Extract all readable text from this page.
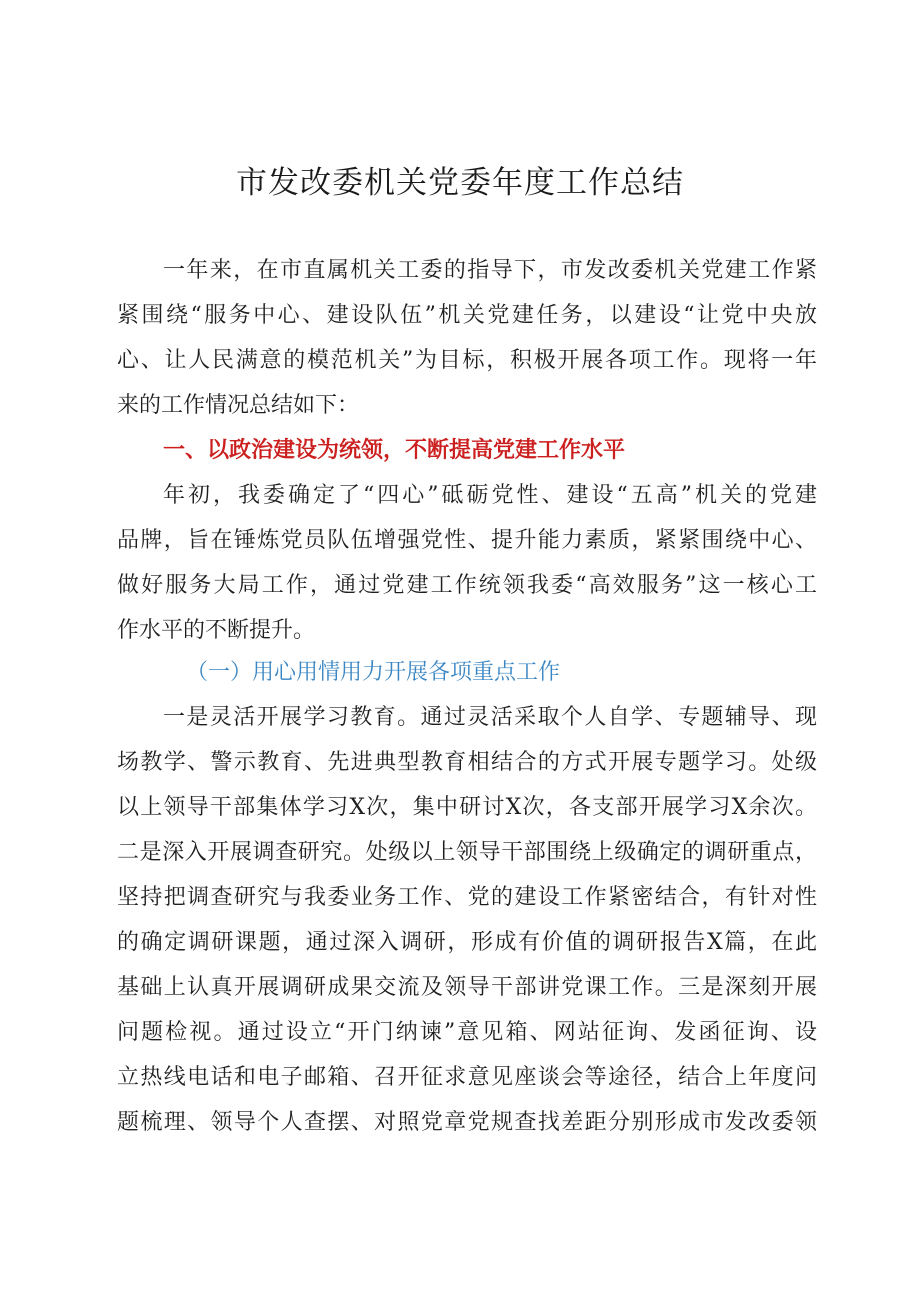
市发改委机关党委年度工作总结
一年来，在市直属机关工委的指导下，市发改委机关党建工作紧
紧围绕“服务中心、建设队伍”机关党建任务，以建设“让党中央放
心、让人民满意的模范机关”为目标，积极开展各项工作。现将一年
来的工作情况总结如下：
一、以政治建设为统领，不断提高党建工作水平
年初，我委确定了“四心”砥砺党性、建设“五高”机关的党建
品牌，旨在锤炼党员队伍增强党性、提升能力素质，紧紧围绕中心、
做好服务大局工作，通过党建工作统领我委“高效服务”这一核心工
作水平的不断提升。
（一）用心用情用力开展各项重点工作
一是灵活开展学习教育。通过灵活采取个人自学、专题辅导、现
场教学、警示教育、先进典型教育相结合的方式开展专题学习。处级
以上领导干部集体学习X次，集中研讨X次，各支部开展学习X余次。
二是深入开展调查研究。处级以上领导干部围绕上级确定的调研重点，
坚持把调查研究与我委业务工作、党的建设工作紧密结合，有针对性
的确定调研课题，通过深入调研，形成有价值的调研报告X篇，在此
基础上认真开展调研成果交流及领导干部讲党课工作。三是深刻开展
问题检视。通过设立“开门纳谏”意见箱、网站征询、发函征询、设
立热线电话和电子邮箱、召开征求意见座谈会等途径，结合上年度问
题梳理、领导个人查摆、对照党章党规查找差距分别形成市发改委领
